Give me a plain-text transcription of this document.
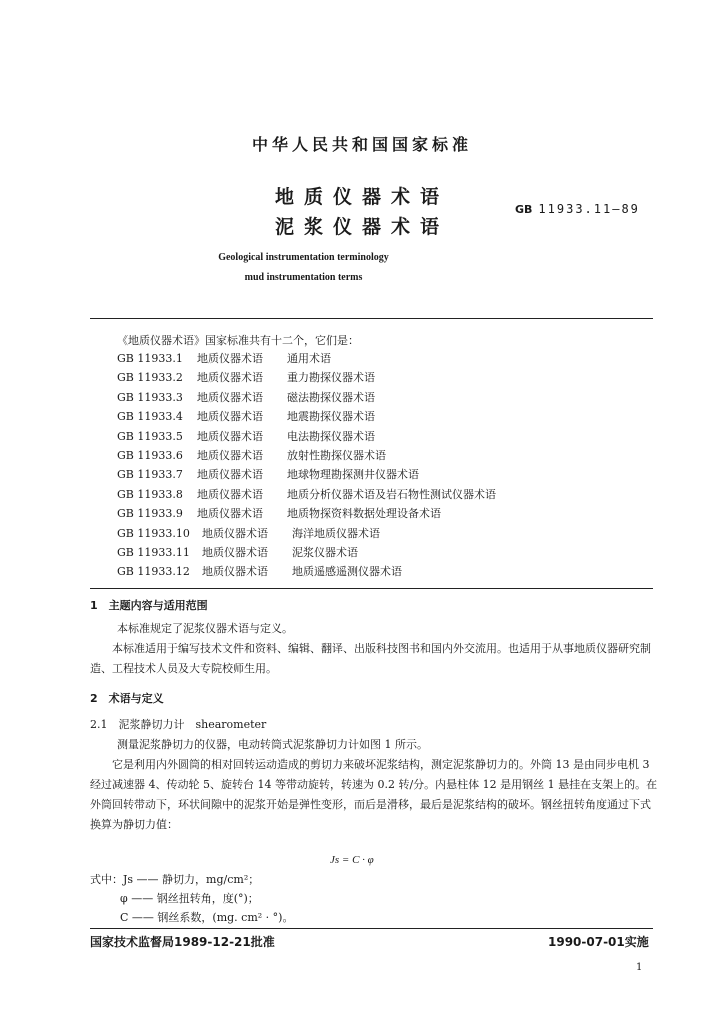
中华人民共和国国家标准
地质仪器术语
泥浆仪器术语
GB 11933.11—89
Geological instrumentation terminology
mud instrumentation terms
《地质仪器术语》国家标准共有十二个，它们是：
GB 11933.1 地质仪器术语 通用术语
GB 11933.2 地质仪器术语 重力勘探仪器术语
GB 11933.3 地质仪器术语 磁法勘探仪器术语
GB 11933.4 地质仪器术语 地震勘探仪器术语
GB 11933.5 地质仪器术语 电法勘探仪器术语
GB 11933.6 地质仪器术语 放射性勘探仪器术语
GB 11933.7 地质仪器术语 地球物理勘探测井仪器术语
GB 11933.8 地质仪器术语 地质分析仪器术语及岩石物性测试仪器术语
GB 11933.9 地质仪器术语 地质物探资料数据处理设备术语
GB 11933.10 地质仪器术语 海洋地质仪器术语
GB 11933.11 地质仪器术语 泥浆仪器术语
GB 11933.12 地质仪器术语 地质遥感遥测仪器术语
1　主题内容与适用范围
本标准规定了泥浆仪器术语与定义。
本标准适用于编写技术文件和资料、编辑、翻译、出版科技图书和国内外交流用。也适用于从事地质仪器研究制造、工程技术人员及大专院校师生用。
2　术语与定义
2.1　泥浆静切力计　shearometer
测量泥浆静切力的仪器，电动转筒式泥浆静切力计如图 1 所示。
它是利用内外圆筒的相对回转运动造成的剪切力来破坏泥浆结构，测定泥浆静切力的。外筒 13 是由同步电机 3 经过减速器 4、传动轮 5、旋转台 14 等带动旋转，转速为 0.2 转/分。内悬柱体 12 是用钢丝 1 悬挂在支架上的。在外筒回转带动下，环状间隙中的泥浆开始是弹性变形，而后是滑移，最后是泥浆结构的破坏。钢丝扭转角度通过下式换算为静切力值：
Js = C · φ
式中：Js —— 静切力，mg/cm²；
φ —— 钢丝扭转角，度(°)；
C —— 钢丝系数，(mg. cm² · °)。
国家技术监督局1989-12-21批准	1990-07-01实施
1
